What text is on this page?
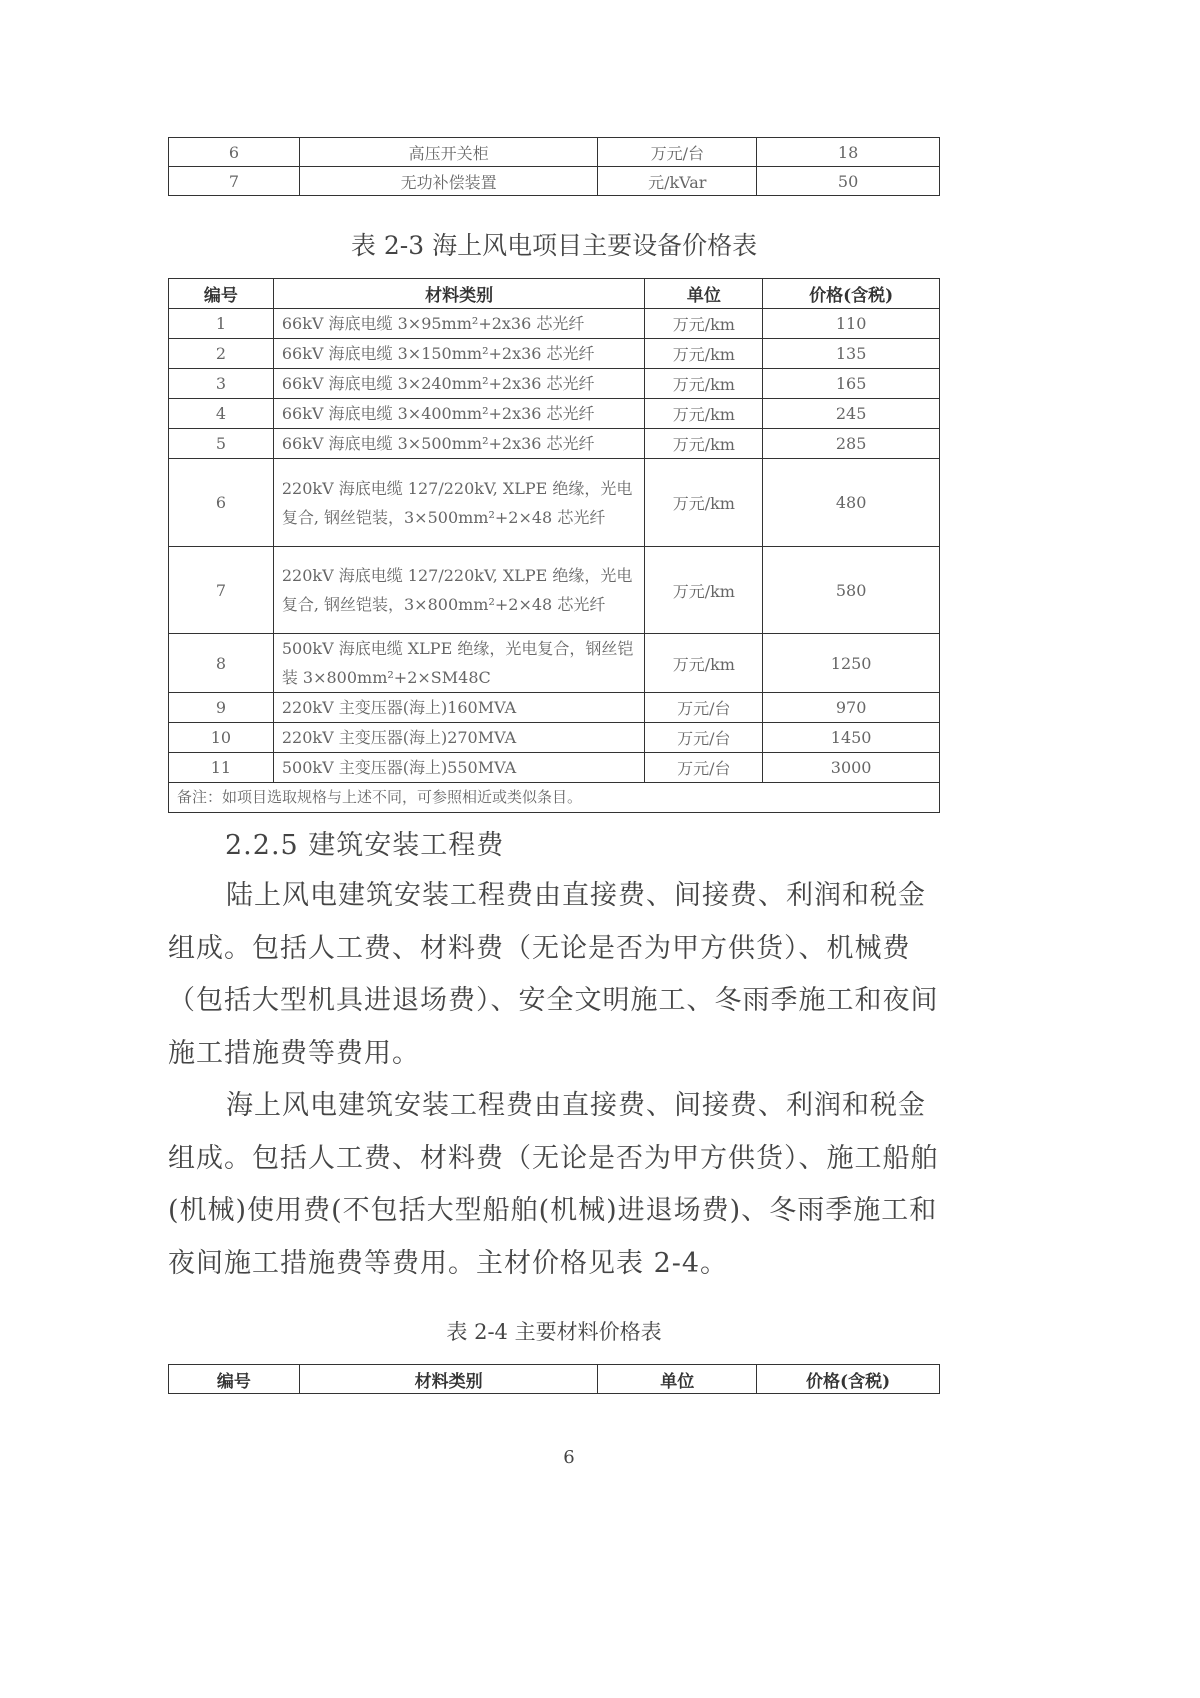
6	高压开关柜	万元/台	18
7	无功补偿装置	元/kVar	50
表 2-3 海上风电项目主要设备价格表
编号	材料类别	单位	价格(含税)
1	66kV 海底电缆 3×95mm²+2x36 芯光纤	万元/km	110
2	66kV 海底电缆 3×150mm²+2x36 芯光纤	万元/km	135
3	66kV 海底电缆 3×240mm²+2x36 芯光纤	万元/km	165
4	66kV 海底电缆 3×400mm²+2x36 芯光纤	万元/km	245
5	66kV 海底电缆 3×500mm²+2x36 芯光纤	万元/km	285
6	220kV 海底电缆 127/220kV, XLPE 绝缘，光电复合, 钢丝铠装，3×500mm²+2×48 芯光纤	万元/km	480
7	220kV 海底电缆 127/220kV, XLPE 绝缘，光电复合, 钢丝铠装，3×800mm²+2×48 芯光纤	万元/km	580
8	500kV 海底电缆 XLPE 绝缘，光电复合，钢丝铠装 3×800mm²+2×SM48C	万元/km	1250
9	220kV 主变压器(海上)160MVA	万元/台	970
10	220kV 主变压器(海上)270MVA	万元/台	1450
11	500kV 主变压器(海上)550MVA	万元/台	3000
备注：如项目选取规格与上述不同，可参照相近或类似条目。			
2.2.5 建筑安装工程费
陆上风电建筑安装工程费由直接费、间接费、利润和税金组成。包括人工费、材料费（无论是否为甲方供货）、机械费（包括大型机具进退场费）、安全文明施工、冬雨季施工和夜间施工措施费等费用。
海上风电建筑安装工程费由直接费、间接费、利润和税金组成。包括人工费、材料费（无论是否为甲方供货）、施工船舶(机械)使用费(不包括大型船舶(机械)进退场费)、冬雨季施工和夜间施工措施费等费用。主材价格见表 2-4。
表 2-4 主要材料价格表
编号	材料类别	单位	价格(含税)
6
